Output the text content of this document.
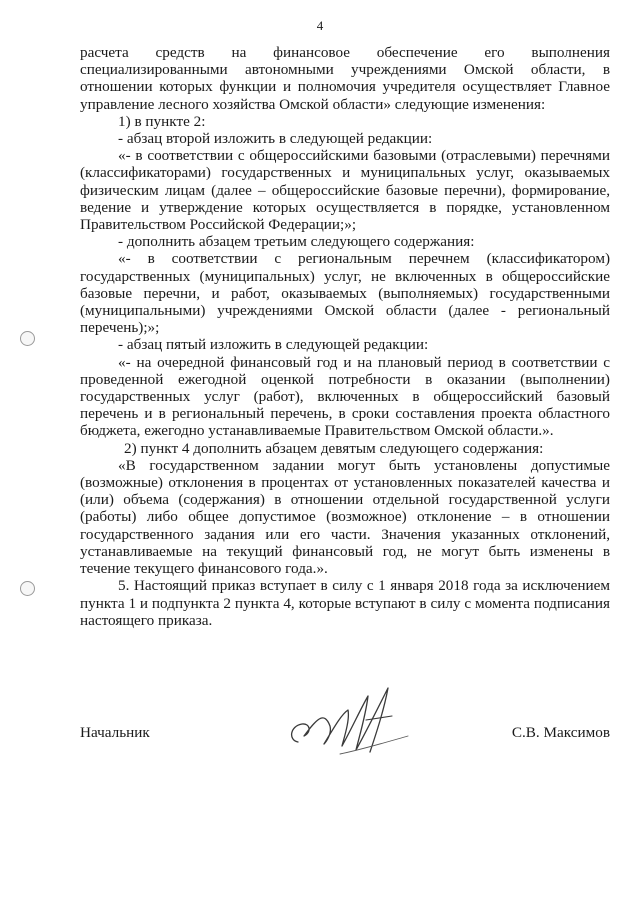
4

расчета средств на финансовое обеспечение его выполнения специализированными автономными учреждениями Омской области, в отношении которых функции и полномочия учредителя осуществляет Главное управление лесного хозяйства Омской области» следующие изменения:

1) в пункте 2:

- абзац второй изложить в следующей редакции:

«- в соответствии с общероссийскими базовыми (отраслевыми) перечнями (классификаторами) государственных и муниципальных услуг, оказываемых физическим лицам (далее – общероссийские базовые перечни), формирование, ведение и утверждение которых осуществляется в порядке, установленном Правительством Российской Федерации;»;

- дополнить абзацем третьим следующего содержания:

«- в соответствии с региональным перечнем (классификатором) государственных (муниципальных) услуг, не включенных в общероссийские базовые перечни, и работ, оказываемых (выполняемых) государственными (муниципальными) учреждениями Омской области (далее - региональный перечень);»;

- абзац пятый изложить в следующей редакции:

«- на очередной финансовый год и на плановый период в соответствии с проведенной ежегодной оценкой потребности в оказании (выполнении) государственных услуг (работ), включенных в общероссийский базовый перечень и в региональный перечень, в сроки составления проекта областного бюджета, ежегодно устанавливаемые Правительством Омской области.».

2) пункт 4 дополнить абзацем девятым следующего содержания:

«В государственном задании могут быть установлены допустимые (возможные) отклонения в процентах от установленных показателей качества и (или) объема (содержания) в отношении отдельной государственной услуги (работы) либо общее допустимое (возможное) отклонение – в отношении государственного задания или его части. Значения указанных отклонений, устанавливаемые на текущий финансовый год, не могут быть изменены в течение текущего финансового года.».

5. Настоящий приказ вступает в силу с 1 января 2018 года за исключением пункта 1 и подпункта 2 пункта 4, которые вступают в силу с момента подписания настоящего приказа.

Начальник	С.В. Максимов
